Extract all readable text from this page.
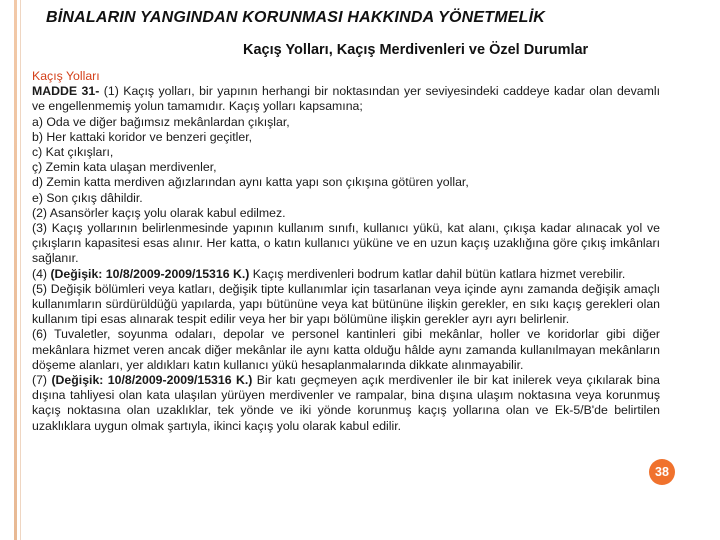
BİNALARIN YANGINDAN KORUNMASI HAKKINDA YÖNETMELİK
Kaçış Yolları, Kaçış Merdivenleri ve Özel Durumlar

Kaçış Yolları

MADDE 31- (1) Kaçış yolları, bir yapının herhangi bir noktasından yer seviyesindeki caddeye kadar olan devamlı ve engellenmemiş yolun tamamıdır. Kaçış yolları kapsamına;

a) Oda ve diğer bağımsız mekânlardan çıkışlar,

b) Her kattaki koridor ve benzeri geçitler,

c) Kat çıkışları,

ç) Zemin kata ulaşan merdivenler,

d) Zemin katta merdiven ağızlarından aynı katta yapı son çıkışına götüren yollar,

e) Son çıkış dâhildir.

(2) Asansörler kaçış yolu olarak kabul edilmez.

(3) Kaçış yollarının belirlenmesinde yapının kullanım sınıfı, kullanıcı yükü, kat alanı, çıkışa kadar alınacak yol ve çıkışların kapasitesi esas alınır. Her katta, o katın kullanıcı yüküne ve en uzun kaçış uzaklığına göre çıkış imkânları sağlanır.

(4) (Değişik: 10/8/2009-2009/15316 K.) Kaçış merdivenleri bodrum katlar dahil bütün katlara hizmet verebilir.

(5) Değişik bölümleri veya katları, değişik tipte kullanımlar için tasarlanan veya içinde aynı zamanda değişik amaçlı kullanımların sürdürüldüğü yapılarda, yapı bütününe veya kat bütününe ilişkin gerekler, en sıkı kaçış gerekleri olan kullanım tipi esas alınarak tespit edilir veya her bir yapı bölümüne ilişkin gerekler ayrı ayrı belirlenir.

(6) Tuvaletler, soyunma odaları, depolar ve personel kantinleri gibi mekânlar, holler ve koridorlar gibi diğer mekânlara hizmet veren ancak diğer mekânlar ile aynı katta olduğu hâlde aynı zamanda kullanılmayan mekânların döşeme alanları, yer aldıkları katın kullanıcı yükü hesaplanmalarında dikkate alınmayabilir.

(7) (Değişik: 10/8/2009-2009/15316 K.) Bir katı geçmeyen açık merdivenler ile bir kat inilerek veya çıkılarak bina dışına tahliyesi olan kata ulaşılan yürüyen merdivenler ve rampalar, bina dışına ulaşım noktasına veya korunmuş kaçış noktasına olan uzaklıklar, tek yönde ve iki yönde korunmuş kaçış yollarına olan ve Ek-5/B'de belirtilen uzaklıklara uygun olmak şartıyla, ikinci kaçış yolu olarak kabul edilir.

38
